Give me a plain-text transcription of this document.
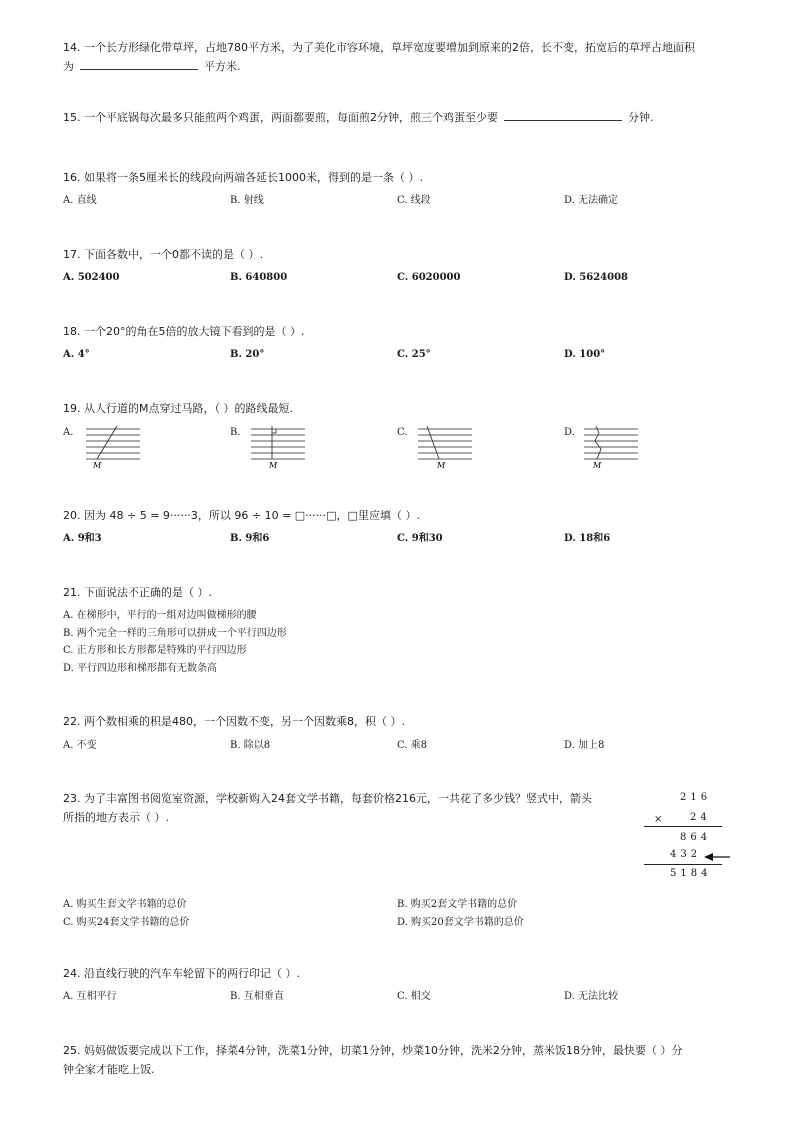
14. 一个长方形绿化带草坪，占地780平方米，为了美化市容环境，草坪宽度要增加到原来的2倍，长不变，拓宽后的草坪占地面积
为	平方米.
15. 一个平底锅每次最多只能煎两个鸡蛋，两面都要煎，每面煎2分钟，煎三个鸡蛋至少要	分钟.
16. 如果将一条5厘米长的线段向两端各延长1000米，得到的是一条（ ）.
A. 直线	B. 射线	C. 线段	D. 无法确定
17. 下面各数中，一个0都不读的是（ ）.
A. 502400	B. 640800	C. 6020000	D. 5624008
18. 一个20°的角在5倍的放大镜下看到的是（ ）.
A. 4°	B. 20°	C. 25°	D. 100°
19. 从人行道的M点穿过马路，（ ）的路线最短.
A.
M
B.
M
C.
M
D.
M
20. 因为 48 ÷ 5 = 9······3，所以 96 ÷ 10 = □······□，□里应填（ ）.
A. 9和3	B. 9和6	C. 9和30	D. 18和6
21. 下面说法不正确的是（ ）.
A. 在梯形中，平行的一组对边叫做梯形的腰
B. 两个完全一样的三角形可以拼成一个平行四边形
C. 正方形和长方形都是特殊的平行四边形
D. 平行四边形和梯形都有无数条高
22. 两个数相乘的积是480，一个因数不变，另一个因数乘8，积（ ）.
A. 不变	B. 除以8	C. 乘8	D. 加上8
23. 为了丰富图书阅览室资源，学校新购入24套文学书籍，每套价格216元，一共花了多少钱？竖式中，箭头
所指的地方表示（ ）.
216
× 24
864
432
5184
A. 购买生套文学书籍的总价	B. 购买2套文学书籍的总价
C. 购买24套文学书籍的总价	D. 购买20套文学书籍的总价
24. 沿直线行驶的汽车车轮留下的两行印记（ ）.
A. 互相平行	B. 互相垂直	C. 相交	D. 无法比较
25. 妈妈做饭要完成以下工作，择菜4分钟，洗菜1分钟，切菜1分钟，炒菜10分钟，洗米2分钟，蒸米饭18分钟，最快要（ ）分
钟全家才能吃上饭.
